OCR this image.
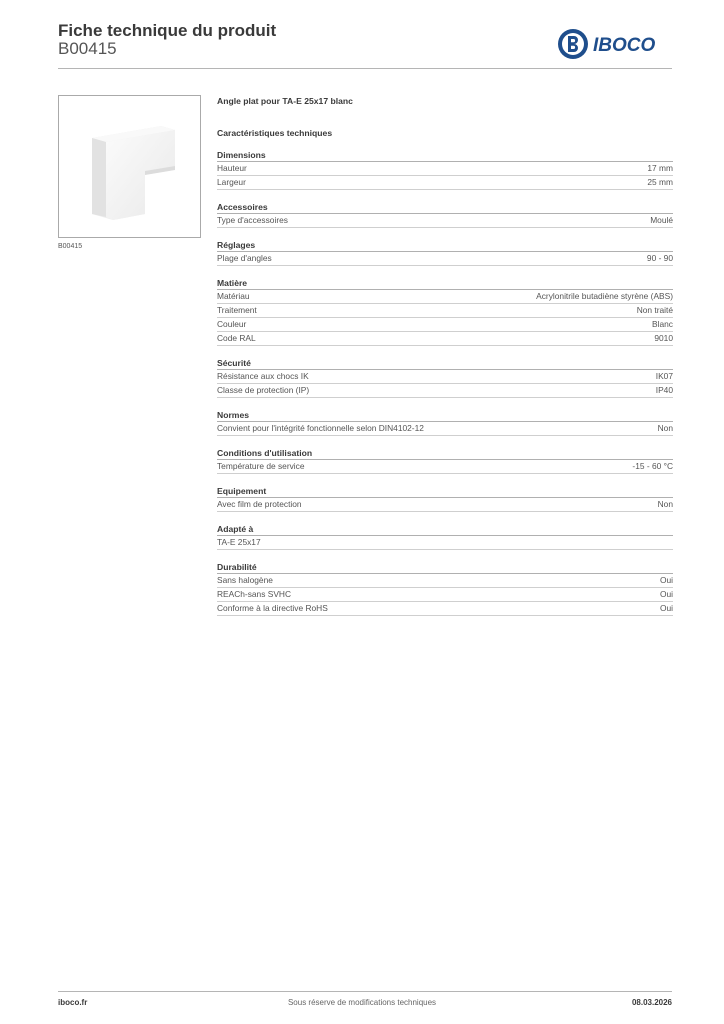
Fiche technique du produit
B00415	IBOCO
B00415
Angle plat pour TA-E 25x17 blanc
Caractéristiques techniques
Dimensions
Hauteur	17 mm
Largeur	25 mm
Accessoires
Type d'accessoires	Moulé
Réglages
Plage d'angles	90 - 90
Matière
Matériau	Acrylonitrile butadiène styrène (ABS)
Traitement	Non traité
Couleur	Blanc
Code RAL	9010
Sécurité
Résistance aux chocs IK	IK07
Classe de protection (IP)	IP40
Normes
Convient pour l'intégrité fonctionnelle selon DIN4102-12	Non
Conditions d'utilisation
Température de service	-15 - 60 °C
Equipement
Avec film de protection	Non
Adapté à
TA-E 25x17
Durabilité
Sans halogène	Oui
REACh-sans SVHC	Oui
Conforme à la directive RoHS	Oui
iboco.fr	Sous réserve de modifications techniques	08.03.2026
